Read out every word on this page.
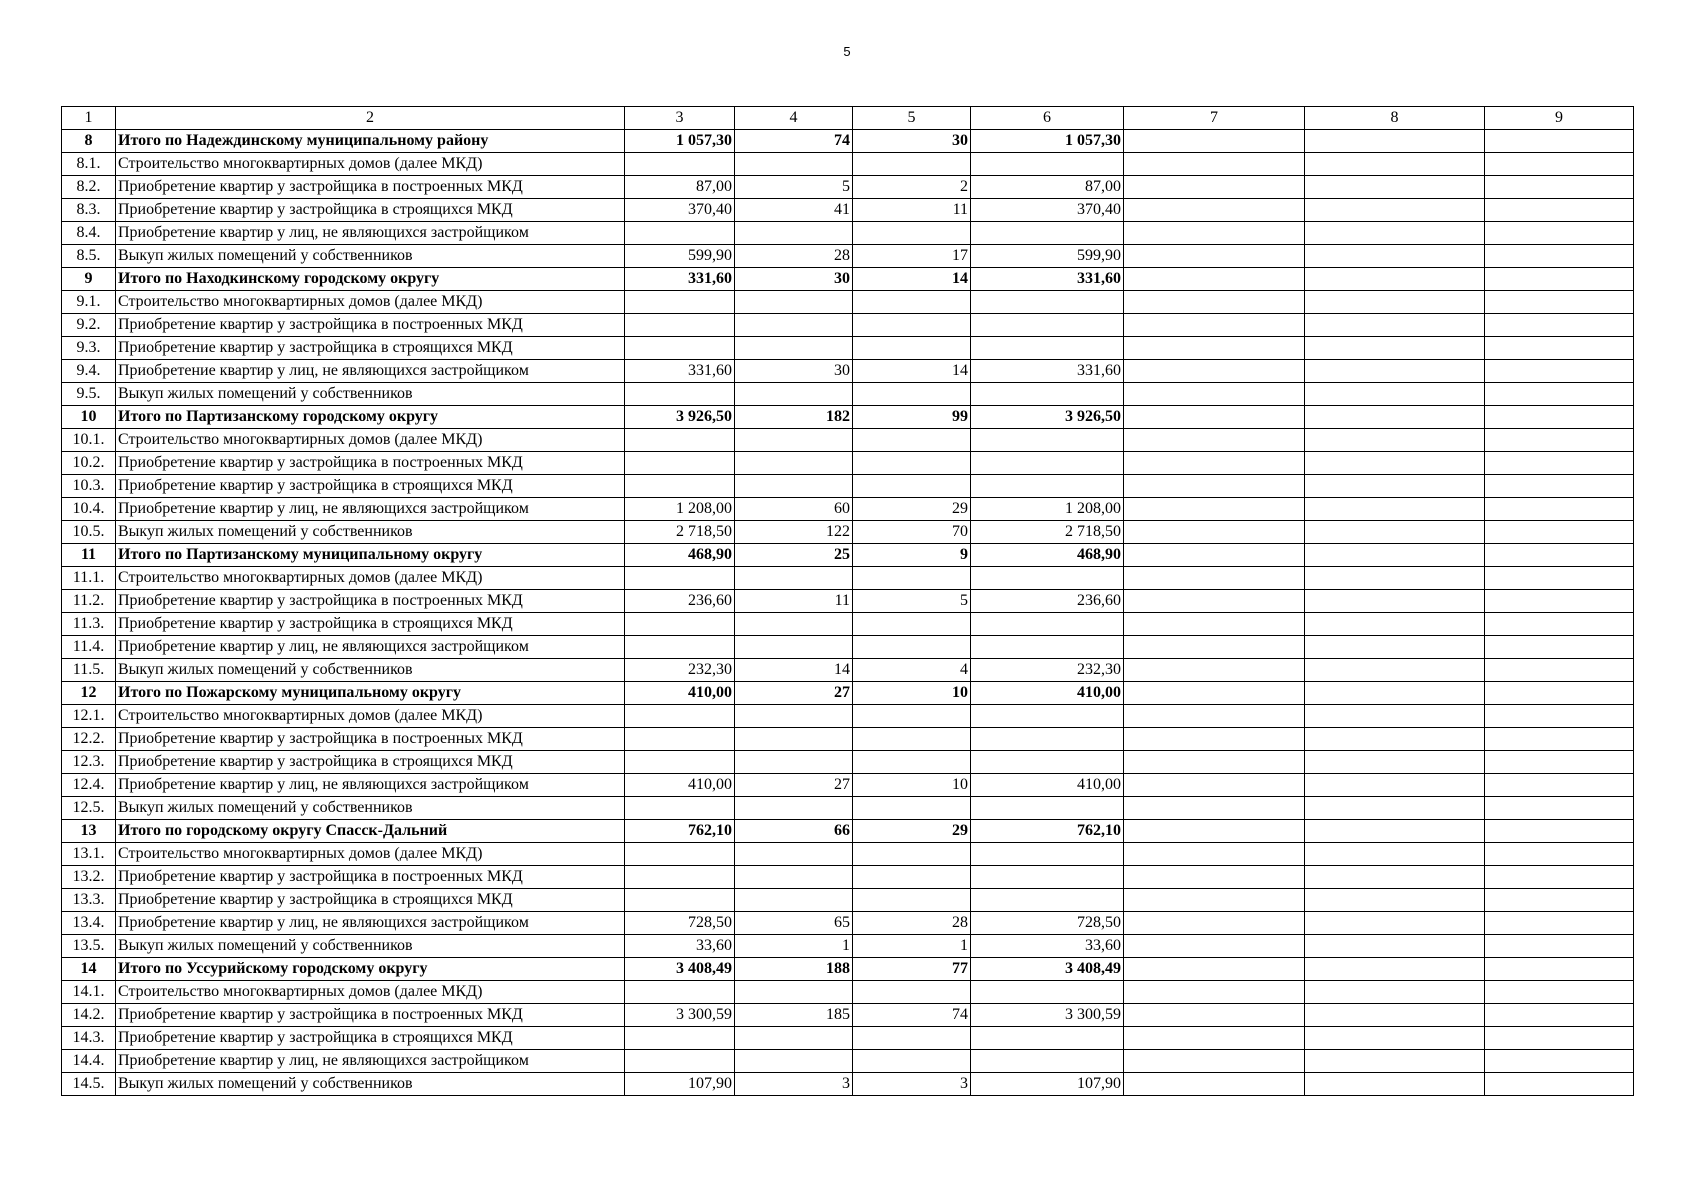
5
1	2	3	4	5	6	7	8	9
8	Итого по Надеждинскому муниципальному району	1 057,30	74	30	1 057,30			
8.1.	Строительство многоквартирных домов (далее МКД)							
8.2.	Приобретение квартир у застройщика в построенных МКД	87,00	5	2	87,00			
8.3.	Приобретение квартир у застройщика в строящихся МКД	370,40	41	11	370,40			
8.4.	Приобретение квартир у лиц, не являющихся застройщиком							
8.5.	Выкуп жилых помещений у собственников	599,90	28	17	599,90			
9	Итого по Находкинскому городскому округу	331,60	30	14	331,60			
9.1.	Строительство многоквартирных домов (далее МКД)							
9.2.	Приобретение квартир у застройщика в построенных МКД							
9.3.	Приобретение квартир у застройщика в строящихся МКД							
9.4.	Приобретение квартир у лиц, не являющихся застройщиком	331,60	30	14	331,60			
9.5.	Выкуп жилых помещений у собственников							
10	Итого по Партизанскому городскому округу	3 926,50	182	99	3 926,50			
10.1.	Строительство многоквартирных домов (далее МКД)							
10.2.	Приобретение квартир у застройщика в построенных МКД							
10.3.	Приобретение квартир у застройщика в строящихся МКД							
10.4.	Приобретение квартир у лиц, не являющихся застройщиком	1 208,00	60	29	1 208,00			
10.5.	Выкуп жилых помещений у собственников	2 718,50	122	70	2 718,50			
11	Итого по Партизанскому муниципальному округу	468,90	25	9	468,90			
11.1.	Строительство многоквартирных домов (далее МКД)							
11.2.	Приобретение квартир у застройщика в построенных МКД	236,60	11	5	236,60			
11.3.	Приобретение квартир у застройщика в строящихся МКД							
11.4.	Приобретение квартир у лиц, не являющихся застройщиком							
11.5.	Выкуп жилых помещений у собственников	232,30	14	4	232,30			
12	Итого по Пожарскому муниципальному округу	410,00	27	10	410,00			
12.1.	Строительство многоквартирных домов (далее МКД)							
12.2.	Приобретение квартир у застройщика в построенных МКД							
12.3.	Приобретение квартир у застройщика в строящихся МКД							
12.4.	Приобретение квартир у лиц, не являющихся застройщиком	410,00	27	10	410,00			
12.5.	Выкуп жилых помещений у собственников							
13	Итого по городскому округу Спасск-Дальний	762,10	66	29	762,10			
13.1.	Строительство многоквартирных домов (далее МКД)							
13.2.	Приобретение квартир у застройщика в построенных МКД							
13.3.	Приобретение квартир у застройщика в строящихся МКД							
13.4.	Приобретение квартир у лиц, не являющихся застройщиком	728,50	65	28	728,50			
13.5.	Выкуп жилых помещений у собственников	33,60	1	1	33,60			
14	Итого по Уссурийскому городскому округу	3 408,49	188	77	3 408,49			
14.1.	Строительство многоквартирных домов (далее МКД)							
14.2.	Приобретение квартир у застройщика в построенных МКД	3 300,59	185	74	3 300,59			
14.3.	Приобретение квартир у застройщика в строящихся МКД							
14.4.	Приобретение квартир у лиц, не являющихся застройщиком							
14.5.	Выкуп жилых помещений у собственников	107,90	3	3	107,90			
